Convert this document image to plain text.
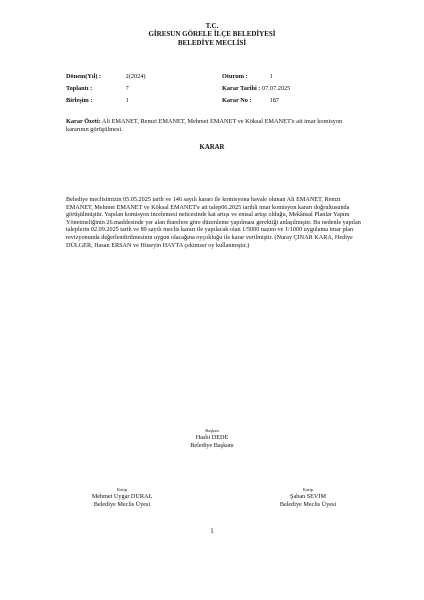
T.C.
GİRESUN GÖRELE İLÇE BELEDİYESİ
BELEDİYE MECLİSİ
Dönem(Yıl) :	2(2024)
Toplantı :	7
Birleşim :	1
Oturum :	1
Karar Tarihi : 07.07.2025
Karar No :	187
Karar Özeti: Ali EMANET, Remzi EMANET, Mehmet EMANET ve Köksal EMANET'e ait imar komisyon kararının görüşülmesi.
KARAR
Belediye meclisimizin 05.05.2025 tarih ve 146 sayılı kararı ile komisyona havale olunan Ali EMANET, Remzi EMANET, Mehmet EMANET ve Köksal EMANET'e ait talep06.2025 tarihli imar komisyon kararı doğrultusunda görüşülmüştür. Yapılan komisyon incelemesi neticesinde kat artışı ve emsal artışı olduğu, Mekânsal Planlar Yapım Yönetmeliğinin 26.maddesinde yer alan ibarelere göre düzenleme yapılması gerektiği anlaşılmıştır. Bu nedenle yapılan taleplerin 02.09.2025 tarih ve 89 sayılı meclis kararı ile yapılacak olan 1/5000 nazım ve 1/1000 uygulama imar plan revizyonunda değerlendirilmesinin uygun olacağına oyçokluğu ile karar verilmiştir. (Nuray ÇINAR KARA, Hediye DÜLGER, Hasan ERSAN ve Hüseyin HAYTA çekimser oy kullanmıştır.)
Başkan
Hasbi DEDE
Belediye Başkanı
Katip
Mehmet Uygar DURAL
Belediye Meclis Üyesi
Katip
Şaban SEVİM
Belediye Meclis Üyesi
1
